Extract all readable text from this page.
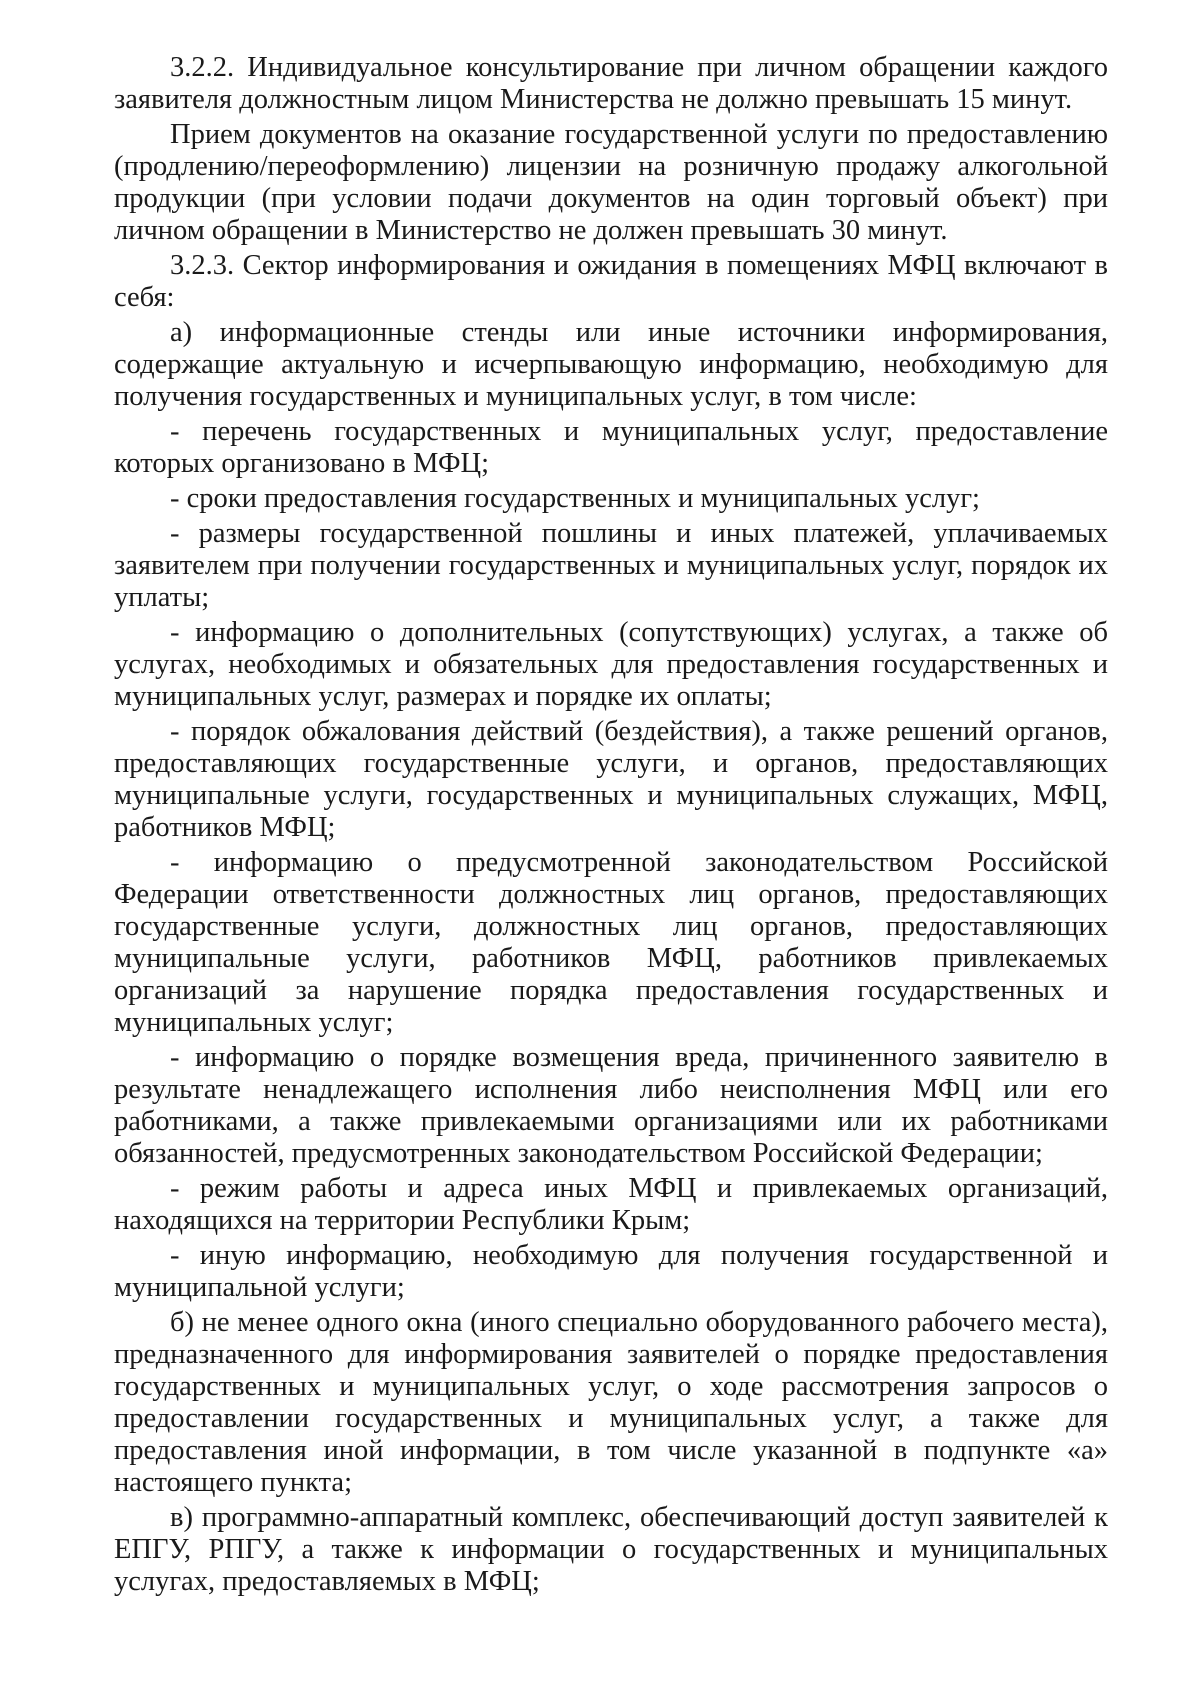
3.2.2. Индивидуальное консультирование при личном обращении каждого заявителя должностным лицом Министерства не должно превышать 15 минут.

Прием документов на оказание государственной услуги по предоставлению (продлению/переоформлению) лицензии на розничную продажу алкогольной продукции (при условии подачи документов на один торговый объект) при личном обращении в Министерство не должен превышать 30 минут.

3.2.3. Сектор информирования и ожидания в помещениях МФЦ включают в себя:

а) информационные стенды или иные источники информирования, содержащие актуальную и исчерпывающую информацию, необходимую для получения государственных и муниципальных услуг, в том числе:

- перечень государственных и муниципальных услуг, предоставление которых организовано в МФЦ;

- сроки предоставления государственных и муниципальных услуг;

- размеры государственной пошлины и иных платежей, уплачиваемых заявителем при получении государственных и муниципальных услуг, порядок их уплаты;

- информацию о дополнительных (сопутствующих) услугах, а также об услугах, необходимых и обязательных для предоставления государственных и муниципальных услуг, размерах и порядке их оплаты;

- порядок обжалования действий (бездействия), а также решений органов, предоставляющих государственные услуги, и органов, предоставляющих муниципальные услуги, государственных и муниципальных служащих, МФЦ, работников МФЦ;

- информацию о предусмотренной законодательством Российской Федерации ответственности должностных лиц органов, предоставляющих государственные услуги, должностных лиц органов, предоставляющих муниципальные услуги, работников МФЦ, работников привлекаемых организаций за нарушение порядка предоставления государственных и муниципальных услуг;

- информацию о порядке возмещения вреда, причиненного заявителю в результате ненадлежащего исполнения либо неисполнения МФЦ или его работниками, а также привлекаемыми организациями или их работниками обязанностей, предусмотренных законодательством Российской Федерации;

- режим работы и адреса иных МФЦ и привлекаемых организаций, находящихся на территории Республики Крым;

- иную информацию, необходимую для получения государственной и муниципальной услуги;

б) не менее одного окна (иного специально оборудованного рабочего места), предназначенного для информирования заявителей о порядке предоставления государственных и муниципальных услуг, о ходе рассмотрения запросов о предоставлении государственных и муниципальных услуг, а также для предоставления иной информации, в том числе указанной в подпункте «а» настоящего пункта;

в) программно-аппаратный комплекс, обеспечивающий доступ заявителей к ЕПГУ, РПГУ, а также к информации о государственных и муниципальных услугах, предоставляемых в МФЦ;
